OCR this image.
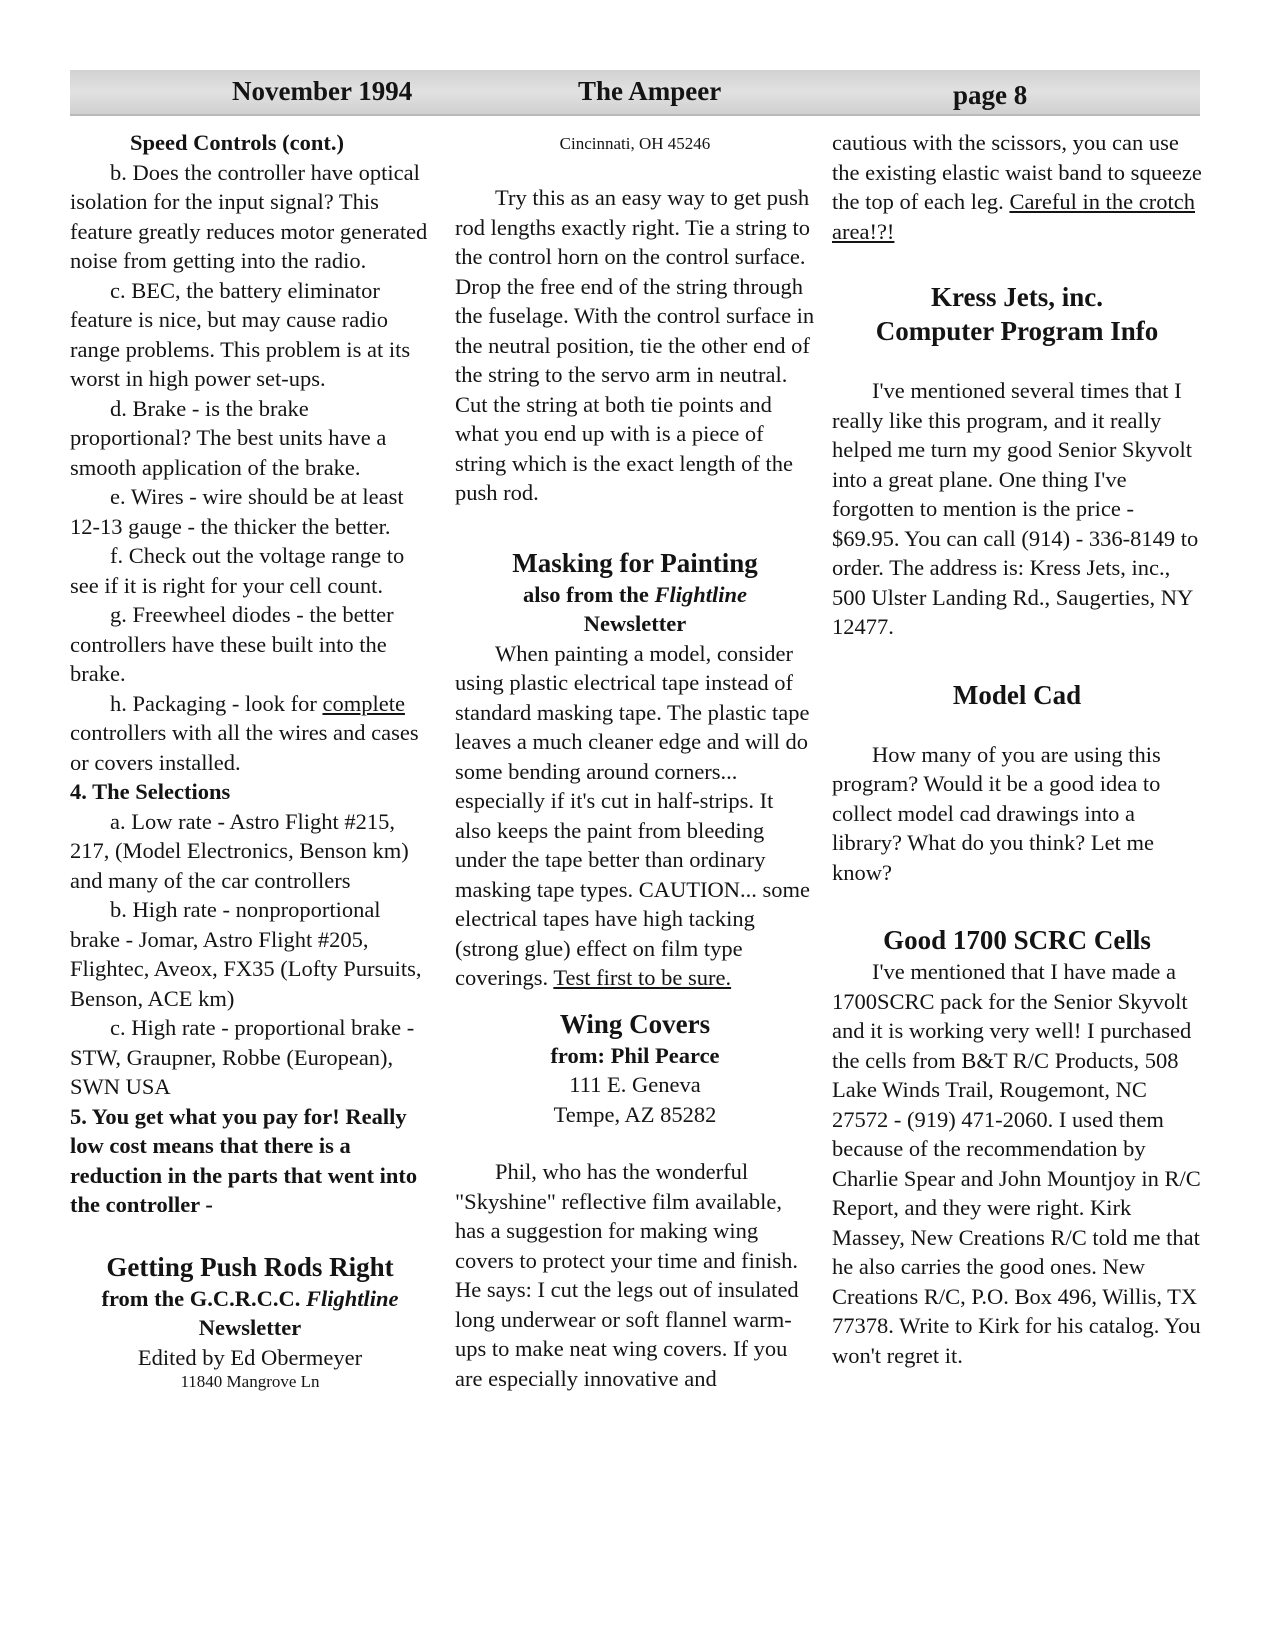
November 1994	The Ampeer	page 8

Speed Controls (cont.)

b. Does the controller have optical isolation for the input signal? This feature greatly reduces motor generated noise from getting into the radio.

c. BEC, the battery eliminator feature is nice, but may cause radio range problems. This problem is at its worst in high power set-ups.

d. Brake - is the brake proportional? The best units have a smooth application of the brake.

e. Wires - wire should be at least 12-13 gauge - the thicker the better.

f. Check out the voltage range to see if it is right for your cell count.

g. Freewheel diodes - the better controllers have these built into the brake.

h. Packaging - look for complete controllers with all the wires and cases or covers installed.

4. The Selections

a. Low rate - Astro Flight #215, 217, (Model Electronics, Benson km) and many of the car controllers

b. High rate - nonproportional brake - Jomar, Astro Flight #205, Flightec, Aveox, FX35 (Lofty Pursuits, Benson, ACE km)

c. High rate - proportional brake - STW, Graupner, Robbe (European), SWN USA

5. You get what you pay for! Really low cost means that there is a reduction in the parts that went into the controller -

Getting Push Rods Right

from the G.C.R.C.C. Flightline

Newsletter

Edited by Ed Obermeyer

11840 Mangrove Ln

Cincinnati, OH 45246

Try this as an easy way to get push rod lengths exactly right. Tie a string to the control horn on the control surface. Drop the free end of the string through the fuselage. With the control surface in the neutral position, tie the other end of the string to the servo arm in neutral. Cut the string at both tie points and what you end up with is a piece of string which is the exact length of the push rod.

Masking for Painting

also from the Flightline

Newsletter

When painting a model, consider using plastic electrical tape instead of standard masking tape. The plastic tape leaves a much cleaner edge and will do some bending around corners... especially if it's cut in half-strips. It also keeps the paint from bleeding under the tape better than ordinary masking tape types. CAUTION... some electrical tapes have high tacking (strong glue) effect on film type coverings. Test first to be sure.

Wing Covers

from: Phil Pearce

111 E. Geneva

Tempe, AZ 85282

Phil, who has the wonderful "Skyshine" reflective film available, has a suggestion for making wing covers to protect your time and finish. He says: I cut the legs out of insulated long underwear or soft flannel warm-ups to make neat wing covers. If you are especially innovative and

cautious with the scissors, you can use the existing elastic waist band to squeeze the top of each leg. Careful in the crotch area!?!

Kress Jets, inc.

Computer Program Info

I've mentioned several times that I really like this program, and it really helped me turn my good Senior Skyvolt into a great plane. One thing I've forgotten to mention is the price - $69.95. You can call (914) - 336-8149 to order. The address is: Kress Jets, inc., 500 Ulster Landing Rd., Saugerties, NY 12477.

Model Cad

How many of you are using this program? Would it be a good idea to collect model cad drawings into a library? What do you think? Let me know?

Good 1700 SCRC Cells

I've mentioned that I have made a 1700SCRC pack for the Senior Skyvolt and it is working very well! I purchased the cells from B&T R/C Products, 508 Lake Winds Trail, Rougemont, NC 27572 - (919) 471-2060. I used them because of the recommendation by Charlie Spear and John Mountjoy in R/C Report, and they were right. Kirk Massey, New Creations R/C told me that he also carries the good ones. New Creations R/C, P.O. Box 496, Willis, TX 77378. Write to Kirk for his catalog. You won't regret it.
